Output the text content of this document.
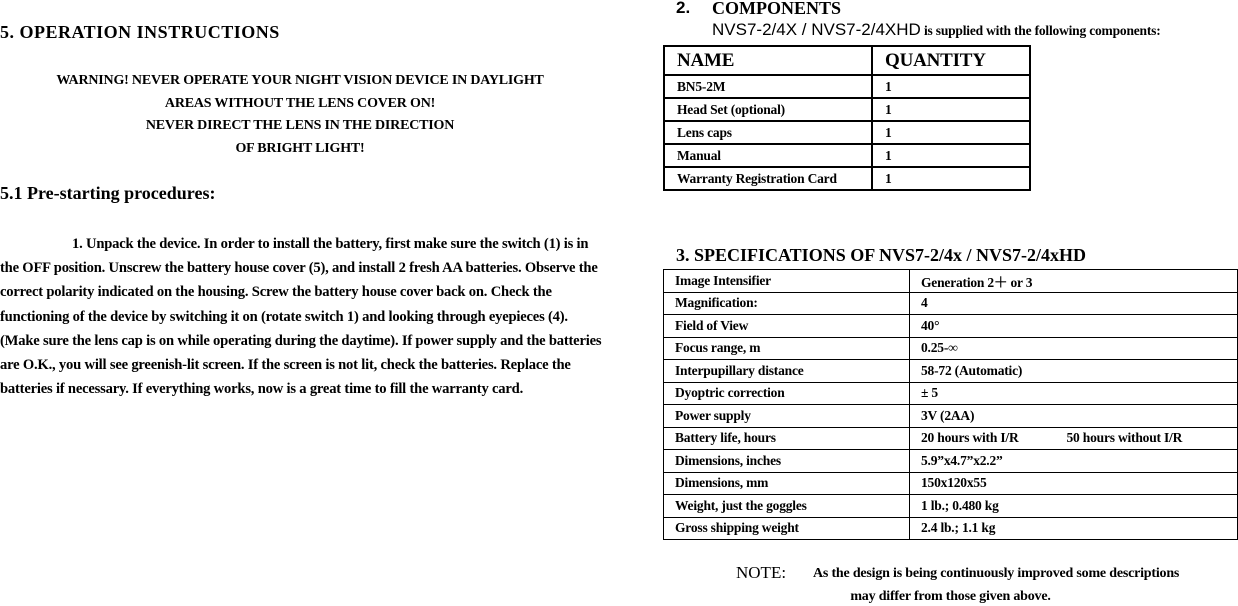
5. OPERATION INSTRUCTIONS
WARNING! NEVER OPERATE YOUR NIGHT VISION DEVICE IN DAYLIGHT
AREAS WITHOUT THE LENS COVER ON!
NEVER DIRECT THE LENS IN THE DIRECTION
OF BRIGHT LIGHT!
5.1 Pre-starting procedures:

1. Unpack the device. In order to install the battery, first make sure the switch (1) is in the OFF position. Unscrew the battery house cover (5), and install 2 fresh AA batteries. Observe the correct polarity indicated on the housing. Screw the battery house cover back on. Check the functioning of the device by switching it on (rotate switch 1) and looking through eyepieces (4). (Make sure the lens cap is on while operating during the daytime). If power supply and the batteries are O.K., you will see greenish-lit screen. If the screen is not lit, check the batteries. Replace the batteries if necessary. If everything works, now is a great time to fill the warranty card.

2. COMPONENTS
NVS7-2/4X / NVS7-2/4XHD is supplied with the following components:
NAME	QUANTITY
BN5-2M	1
Head Set (optional)	1
Lens caps	1
Manual	1
Warranty Registration Card	1
3. SPECIFICATIONS OF NVS7-2/4x / NVS7-2/4xHD
Image Intensifier	Generation 2＋ or 3
Magnification:	4
Field of View	40°
Focus range, m	0.25-∞
Interpupillary distance	58-72 (Automatic)
Dyoptric correction	± 5
Power supply	3V (2AA)
Battery life, hours	20 hours with I/R 50 hours without I/R
Dimensions, inches	5.9”x4.7”x2.2”
Dimensions, mm	150x120x55
Weight, just the goggles	1 lb.; 0.480 kg
Gross shipping weight	2.4 lb.; 1.1 kg
NOTE: As the design is being continuously improved some descriptions
may differ from those given above.
